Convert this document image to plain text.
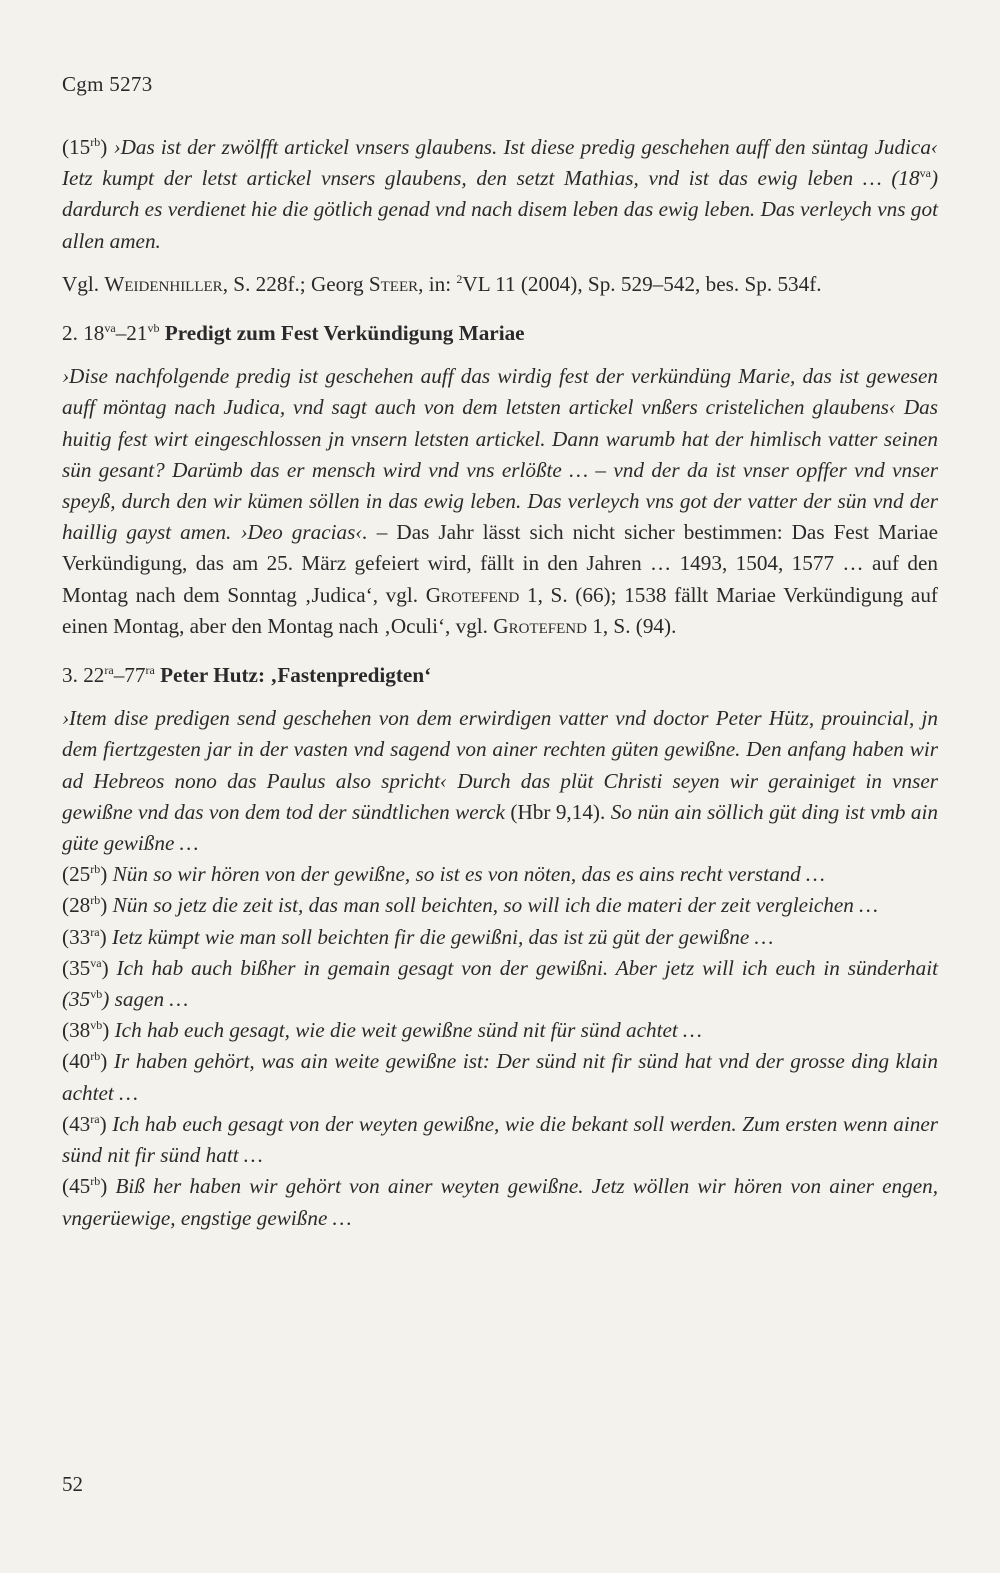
Cgm 5273

$(15^{rb})$ ›Das ist der zwölfft artickel vnsers glaubens. Ist diese predig geschehen auff den süntag Judica‹ Ietz kumpt der letst artickel vnsers glaubens, den setzt Mathias, vnd ist das ewig leben … $(18^{va})$ dardurch es verdienet hie die götlich genad vnd nach disem leben das ewig leben. Das verleych vns got allen amen.

Vgl. Weidenhiller, S. 228f.; Georg Steer, in: $^2$VL 11 (2004), Sp. 529–542, bes. Sp. 534f.

2. $18^{va}-21^{vb}$ Predigt zum Fest Verkündigung Mariae

›Dise nachfolgende predig ist geschehen auff das wirdig fest der verkündüng Marie, das ist gewesen auff möntag nach Judica, vnd sagt auch von dem letsten artickel vnßers cristelichen glaubens‹ Das huitig fest wirt eingeschlossen jn vnsern letsten artickel. Dann warumb hat der himlisch vatter seinen sün gesant? Darümb das er mensch wird vnd vns erlößte … – vnd der da ist vnser opffer vnd vnser speyß, durch den wir kümen söllen in das ewig leben. Das verleych vns got der vatter der sün vnd der haillig gayst amen. ›Deo gracias‹. – Das Jahr lässt sich nicht sicher bestimmen: Das Fest Mariae Verkündigung, das am 25. März gefeiert wird, fällt in den Jahren … 1493, 1504, 1577 … auf den Montag nach dem Sonntag ‚Judica‘, vgl. Grotefend 1, S. (66); 1538 fällt Mariae Verkündigung auf einen Montag, aber den Montag nach ‚Oculi‘, vgl. Grotefend 1, S. (94).

3. $22^{ra}-77^{ra}$ Peter Hutz: ‚Fastenpredigten‘

›Item dise predigen send geschehen von dem erwirdigen vatter vnd doctor Peter Hütz, prouincial, jn dem fiertzgesten jar in der vasten vnd sagend von ainer rechten güten gewißne. Den anfang haben wir ad Hebreos nono das Paulus also spricht‹ Durch das plüt Christi seyen wir gerainiget in vnser gewißne vnd das von dem tod der sündtlichen werck (Hbr 9,14). So nün ain söllich güt ding ist vmb ain güte gewißne …

$(25^{rb})$ Nün so wir hören von der gewißne, so ist es von nöten, das es ains recht verstand …

$(28^{rb})$ Nün so jetz die zeit ist, das man soll beichten, so will ich die materi der zeit vergleichen …

$(33^{ra})$ Ietz kümpt wie man soll beichten fir die gewißni, das ist zü güt der gewißne …

$(35^{va})$ Ich hab auch bißher in gemain gesagt von der gewißni. Aber jetz will ich euch in sünderhait $(35^{vb})$ sagen …

$(38^{vb})$ Ich hab euch gesagt, wie die weit gewißne sünd nit für sünd achtet …

$(40^{rb})$ Ir haben gehört, was ain weite gewißne ist: Der sünd nit fir sünd hat vnd der grosse ding klain achtet …

$(43^{ra})$ Ich hab euch gesagt von der weyten gewißne, wie die bekant soll werden. Zum ersten wenn ainer sünd nit fir sünd hatt …

$(45^{rb})$ Biß her haben wir gehört von ainer weyten gewißne. Jetz wöllen wir hören von ainer engen, vngerüewige, engstige gewißne …

52
